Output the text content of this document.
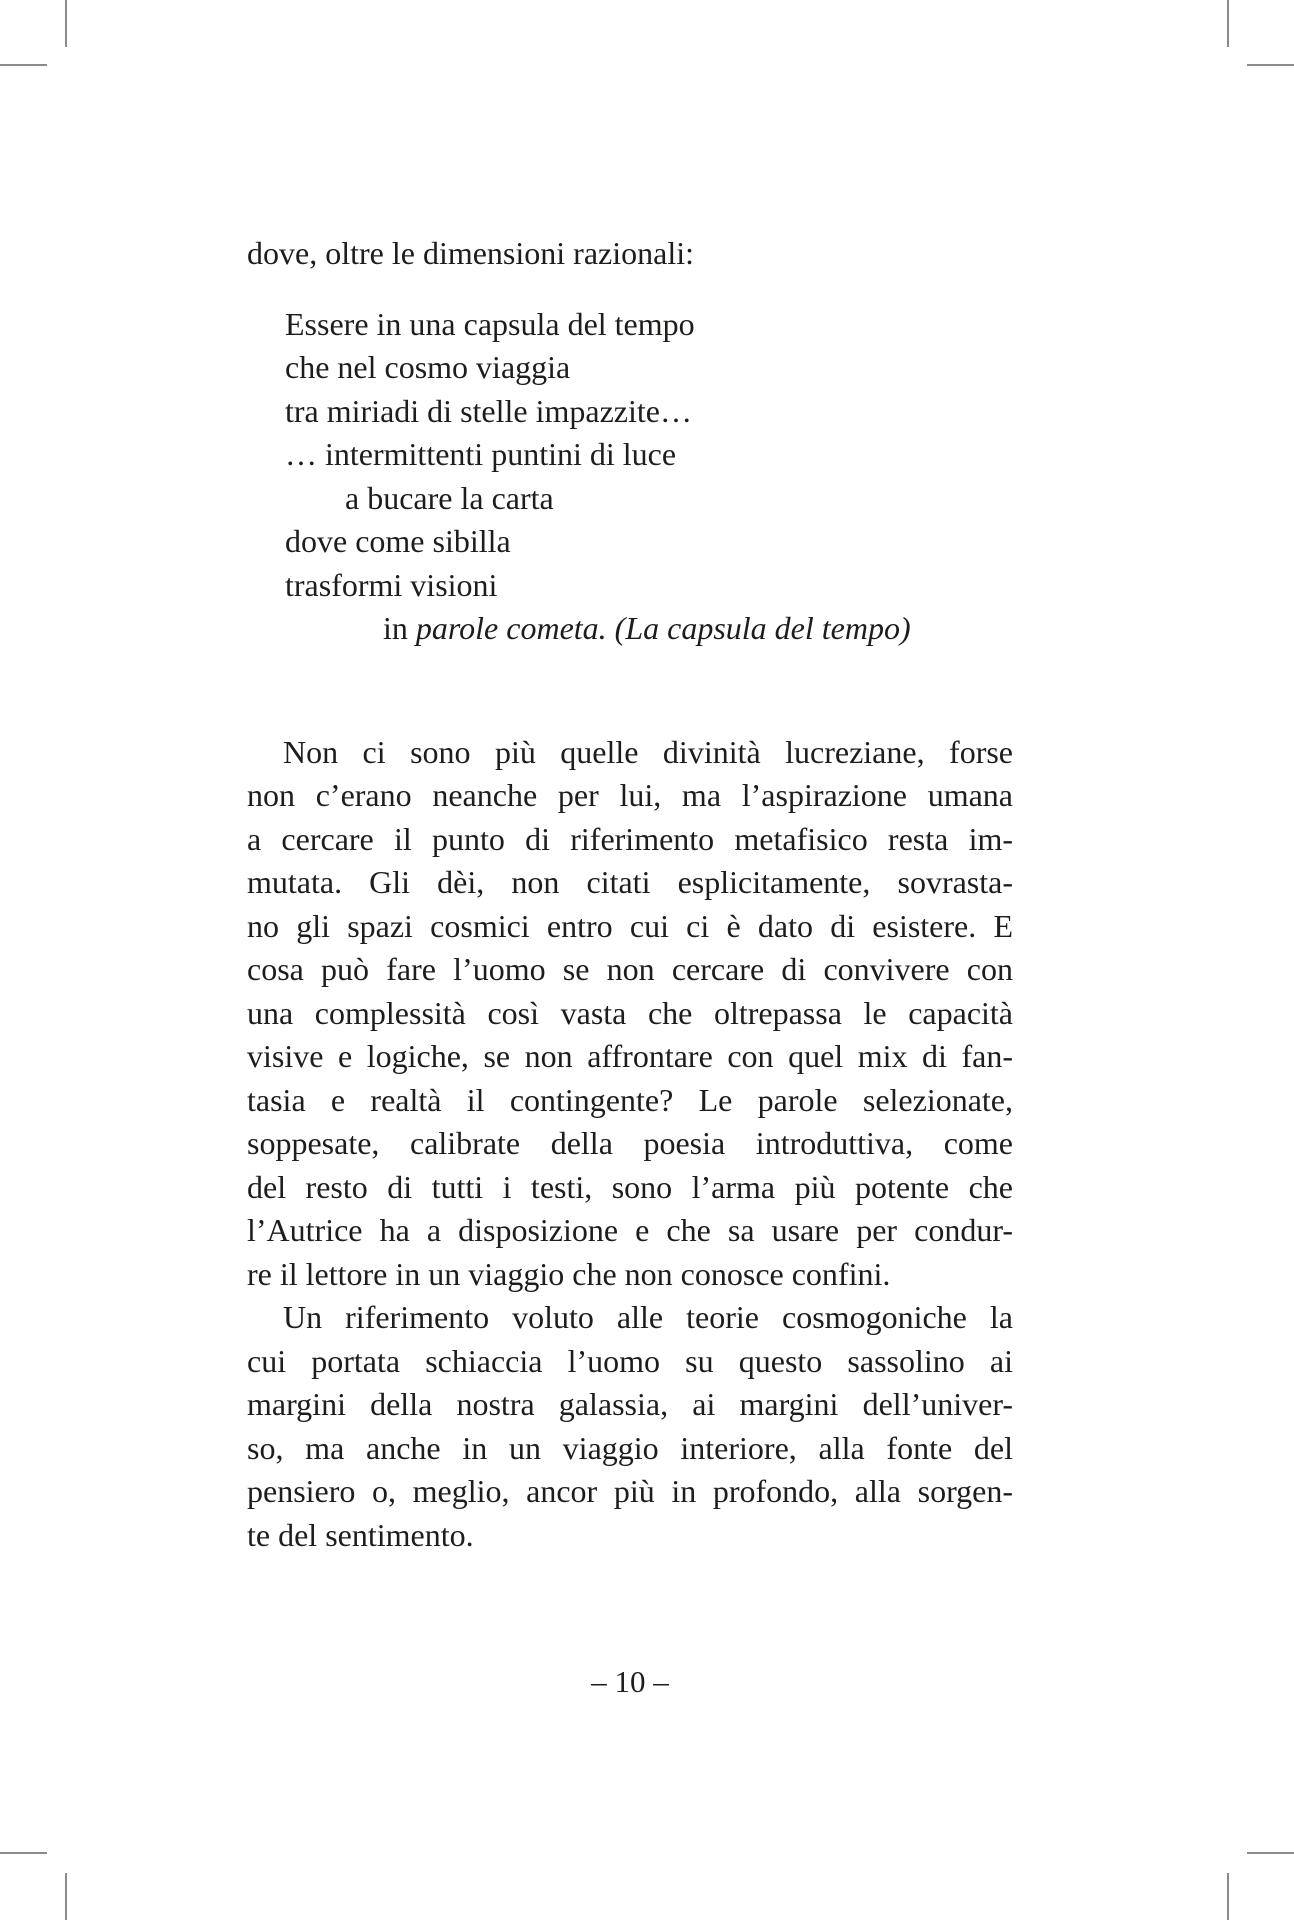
dove, oltre le dimensioni razionali:
Essere in una capsula del tempo
che nel cosmo viaggia
tra miriadi di stelle impazzite…
… intermittenti puntini di luce
a bucare la carta
dove come sibilla
trasformi visioni
in parole cometa. (La capsula del tempo)
Non ci sono più quelle divinità lucreziane, forse
non c’erano neanche per lui, ma l’aspirazione umana
a cercare il punto di riferimento metafisico resta im-
mutata. Gli dèi, non citati esplicitamente, sovrasta-
no gli spazi cosmici entro cui ci è dato di esistere. E
cosa può fare l’uomo se non cercare di convivere con
una complessità così vasta che oltrepassa le capacità
visive e logiche, se non affrontare con quel mix di fan-
tasia e realtà il contingente? Le parole selezionate,
soppesate, calibrate della poesia introduttiva, come
del resto di tutti i testi, sono l’arma più potente che
l’Autrice ha a disposizione e che sa usare per condur-
re il lettore in un viaggio che non conosce confini.
Un riferimento voluto alle teorie cosmogoniche la
cui portata schiaccia l’uomo su questo sassolino ai
margini della nostra galassia, ai margini dell’univer-
so, ma anche in un viaggio interiore, alla fonte del
pensiero o, meglio, ancor più in profondo, alla sorgen-
te del sentimento.
– 10 –
